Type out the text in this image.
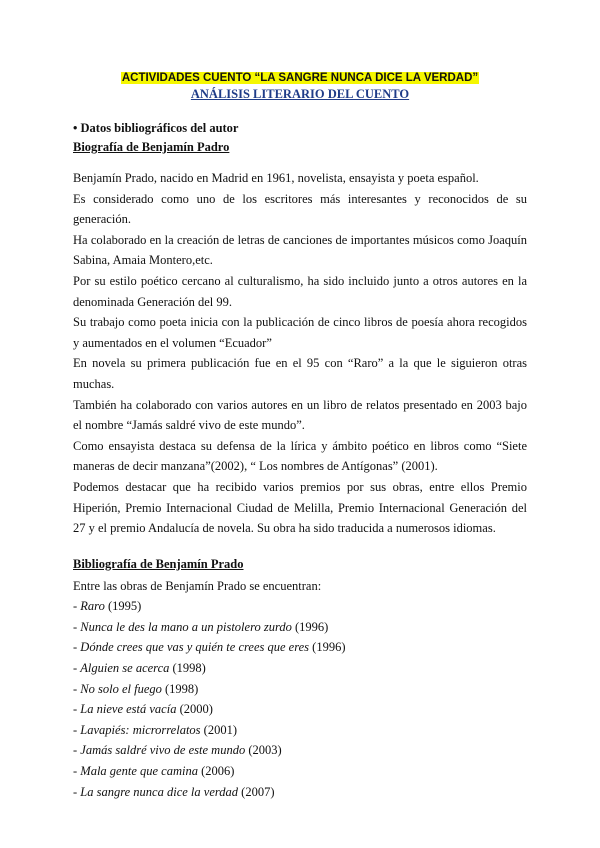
ACTIVIDADES CUENTO “LA SANGRE NUNCA DICE LA VERDAD”
ANÁLISIS LITERARIO DEL CUENTO
• Datos bibliográficos del autor
Biografía de Benjamín Padro

Benjamín Prado, nacido en Madrid en 1961, novelista, ensayista y poeta español.

Es considerado como uno de los escritores más interesantes y reconocidos de su generación.

Ha colaborado en la creación de letras de canciones de importantes músicos como Joaquín Sabina, Amaia Montero,etc.

Por su estilo poético cercano al culturalismo, ha sido incluido junto a otros autores en la denominada Generación del 99.

Su trabajo como poeta inicia con la publicación de cinco libros de poesía ahora recogidos y aumentados en el volumen “Ecuador”

En novela su primera publicación fue en el 95 con “Raro” a la que le siguieron otras muchas.

También ha colaborado con varios autores en un libro de relatos presentado en 2003 bajo el nombre “Jamás saldré vivo de este mundo”.

Como ensayista destaca su defensa de la lírica y ámbito poético en libros como “Siete maneras de decir manzana”(2002), “ Los nombres de Antígonas” (2001).

Podemos destacar que ha recibido varios premios por sus obras, entre ellos Premio Hiperión, Premio Internacional Ciudad de Melilla, Premio Internacional Generación del 27 y el premio Andalucía de novela. Su obra ha sido traducida a numerosos idiomas.

Bibliografía de Benjamín Prado
Entre las obras de Benjamín Prado se encuentran:
- Raro (1995)
- Nunca le des la mano a un pistolero zurdo (1996)
- Dónde crees que vas y quién te crees que eres (1996)
- Alguien se acerca (1998)
- No solo el fuego (1998)
- La nieve está vacía (2000)
- Lavapiés: microrrelatos (2001)
- Jamás saldré vivo de este mundo (2003)
- Mala gente que camina (2006)
- La sangre nunca dice la verdad (2007)
